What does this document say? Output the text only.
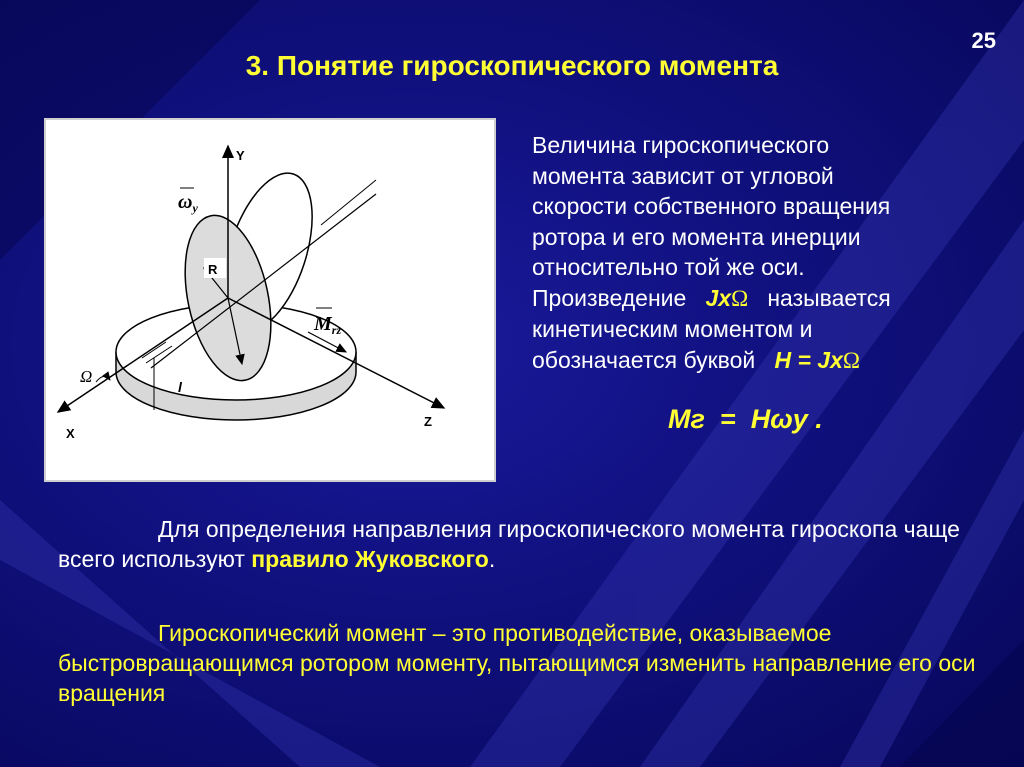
25
3. Понятие гироскопического момента
Y
X
Z
R
l
$M_{rz}$
$\omega_y$
Ω
Величина гироскопического
момента зависит от угловой
скорости собственного вращения
ротора и его момента инерции
относительно той же оси.
Произведение JxΩ называется
кинетическим моментом и
обозначается буквой H = JxΩ
Mг = Hωy .
Для определения направления гироскопического момента гироскопа чаще всего используют правило Жуковского.
Гироскопический момент – это противодействие, оказываемое быстровращающимся ротором моменту, пытающимся изменить направление его оси вращения
